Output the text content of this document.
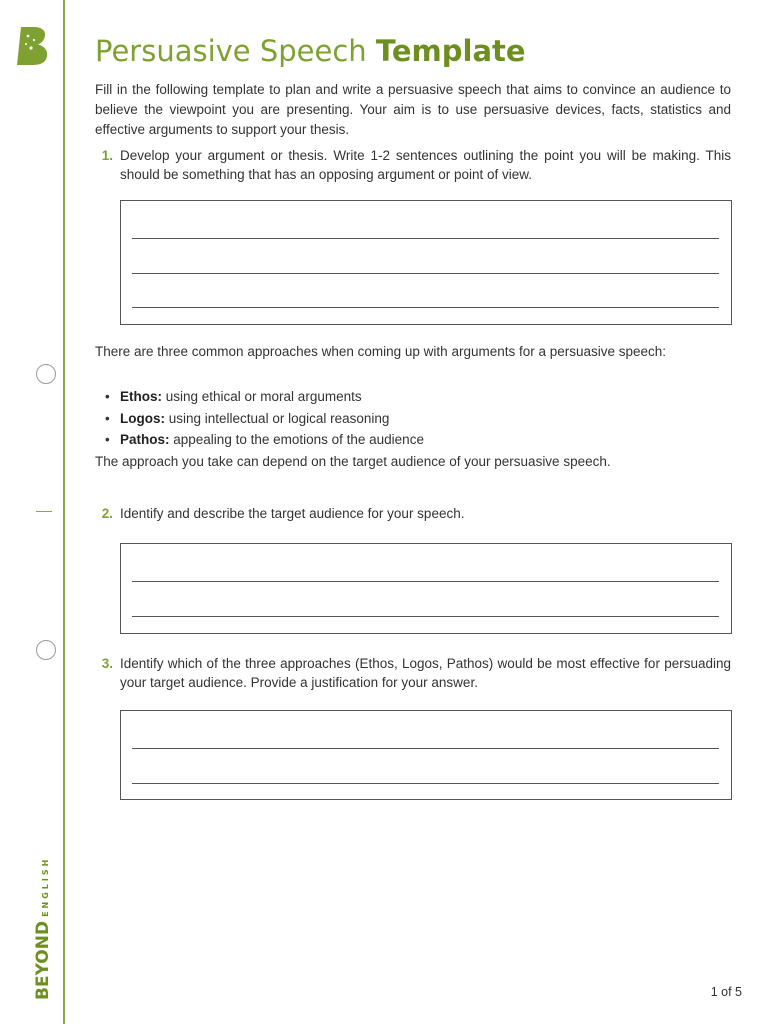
BEYONDENGLISH
Persuasive Speech Template

Fill in the following template to plan and write a persuasive speech that aims to convince an audience to believe the viewpoint you are presenting. Your aim is to use persuasive devices, facts, statistics and effective arguments to support your thesis.

1. Develop your argument or thesis. Write 1-2 sentences outlining the point you will be making. This should be something that has an opposing argument or point of view.

There are three common approaches when coming up with arguments for a persuasive speech:

• Ethos: using ethical or moral arguments
• Logos: using intellectual or logical reasoning
• Pathos: appealing to the emotions of the audience

The approach you take can depend on the target audience of your persuasive speech.

2. Identify and describe the target audience for your speech.
3. Identify which of the three approaches (Ethos, Logos, Pathos) would be most effective for persuading your target audience. Provide a justification for your answer.
1 of 5
